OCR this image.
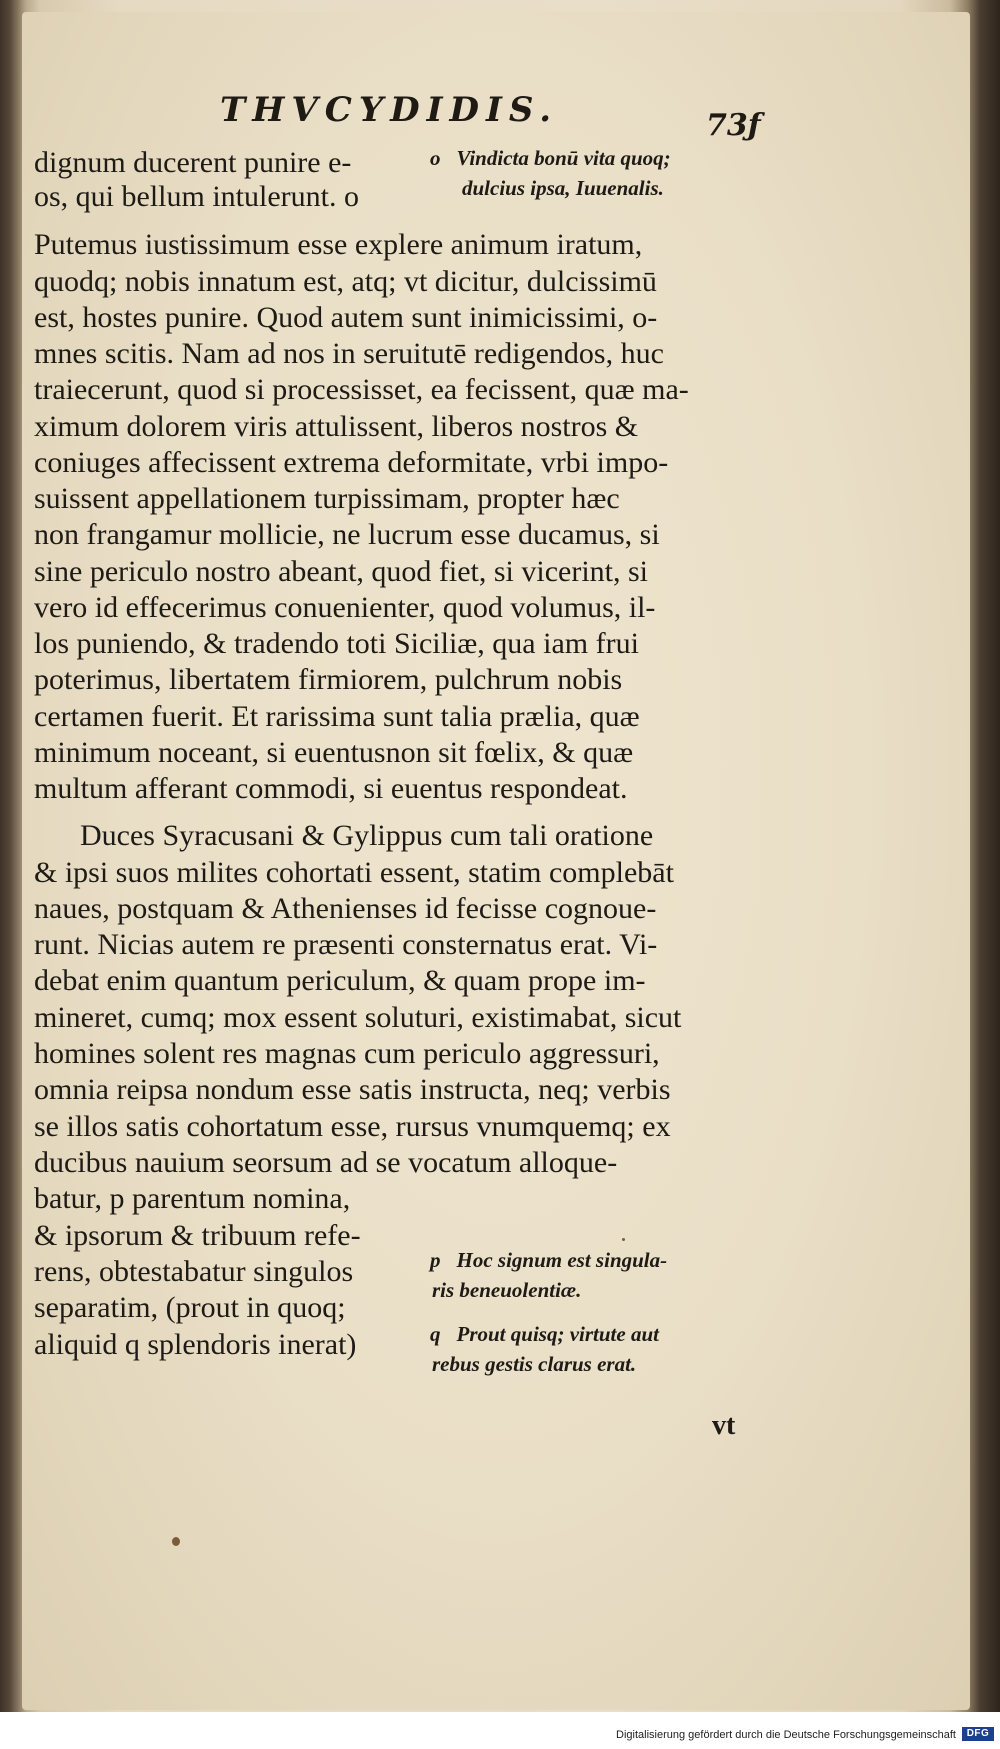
THVCYDIDIS.	73ƒ
dignum ducerent punire e-
os, qui bellum intulerunt. o
Putemus iustissimum esse explere animum iratum,
quodq; nobis innatum est, atq; vt dicitur, dulcissimū
est, hostes punire. Quod autem sunt inimicissimi, o-
mnes scitis. Nam ad nos in seruitutē redigendos, huc
traiecerunt, quod si processisset, ea fecissent, quæ ma-
ximum dolorem viris attulissent, liberos nostros &
coniuges affecissent extrema deformitate, vrbi impo-
suissent appellationem turpissimam, propter hæc
non frangamur mollicie, ne lucrum esse ducamus, si
sine periculo nostro abeant, quod fiet, si vicerint, si
vero id effecerimus conuenienter, quod volumus, il-
los puniendo, & tradendo toti Siciliæ, qua iam frui
poterimus, libertatem firmiorem, pulchrum nobis
certamen fuerit. Et rarissima sunt talia prælia, quæ
minimum noceant, si euentusnon sit fœlix, & quæ
multum afferant commodi, si euentus respondeat.
Duces Syracusani & Gylippus cum tali oratione
& ipsi suos milites cohortati essent, statim complebāt
naues, postquam & Athenienses id fecisse cognoue-
runt. Nicias autem re præsenti consternatus erat. Vi-
debat enim quantum periculum, & quam prope im-
mineret, cumq; mox essent soluturi, existimabat, sicut
homines solent res magnas cum periculo aggressuri,
omnia reipsa nondum esse satis instructa, neq; verbis
se illos satis cohortatum esse, rursus vnumquemq; ex
ducibus nauium seorsum ad se vocatum alloque-
batur, p parentum nomina,
& ipsorum & tribuum refe-
rens, obtestabatur singulos
separatim, (prout in quoq;
aliquid q splendoris inerat)
o Vindicta bonū vita quoq;
dulcius ipsa, Iuuenalis.
p Hoc signum est singula-
ris beneuolentiæ.
q Prout quisq; virtute aut
rebus gestis clarus erat.
vt
Digitalisierung gefördert durch die Deutsche Forschungsgemeinschaft	DFG
